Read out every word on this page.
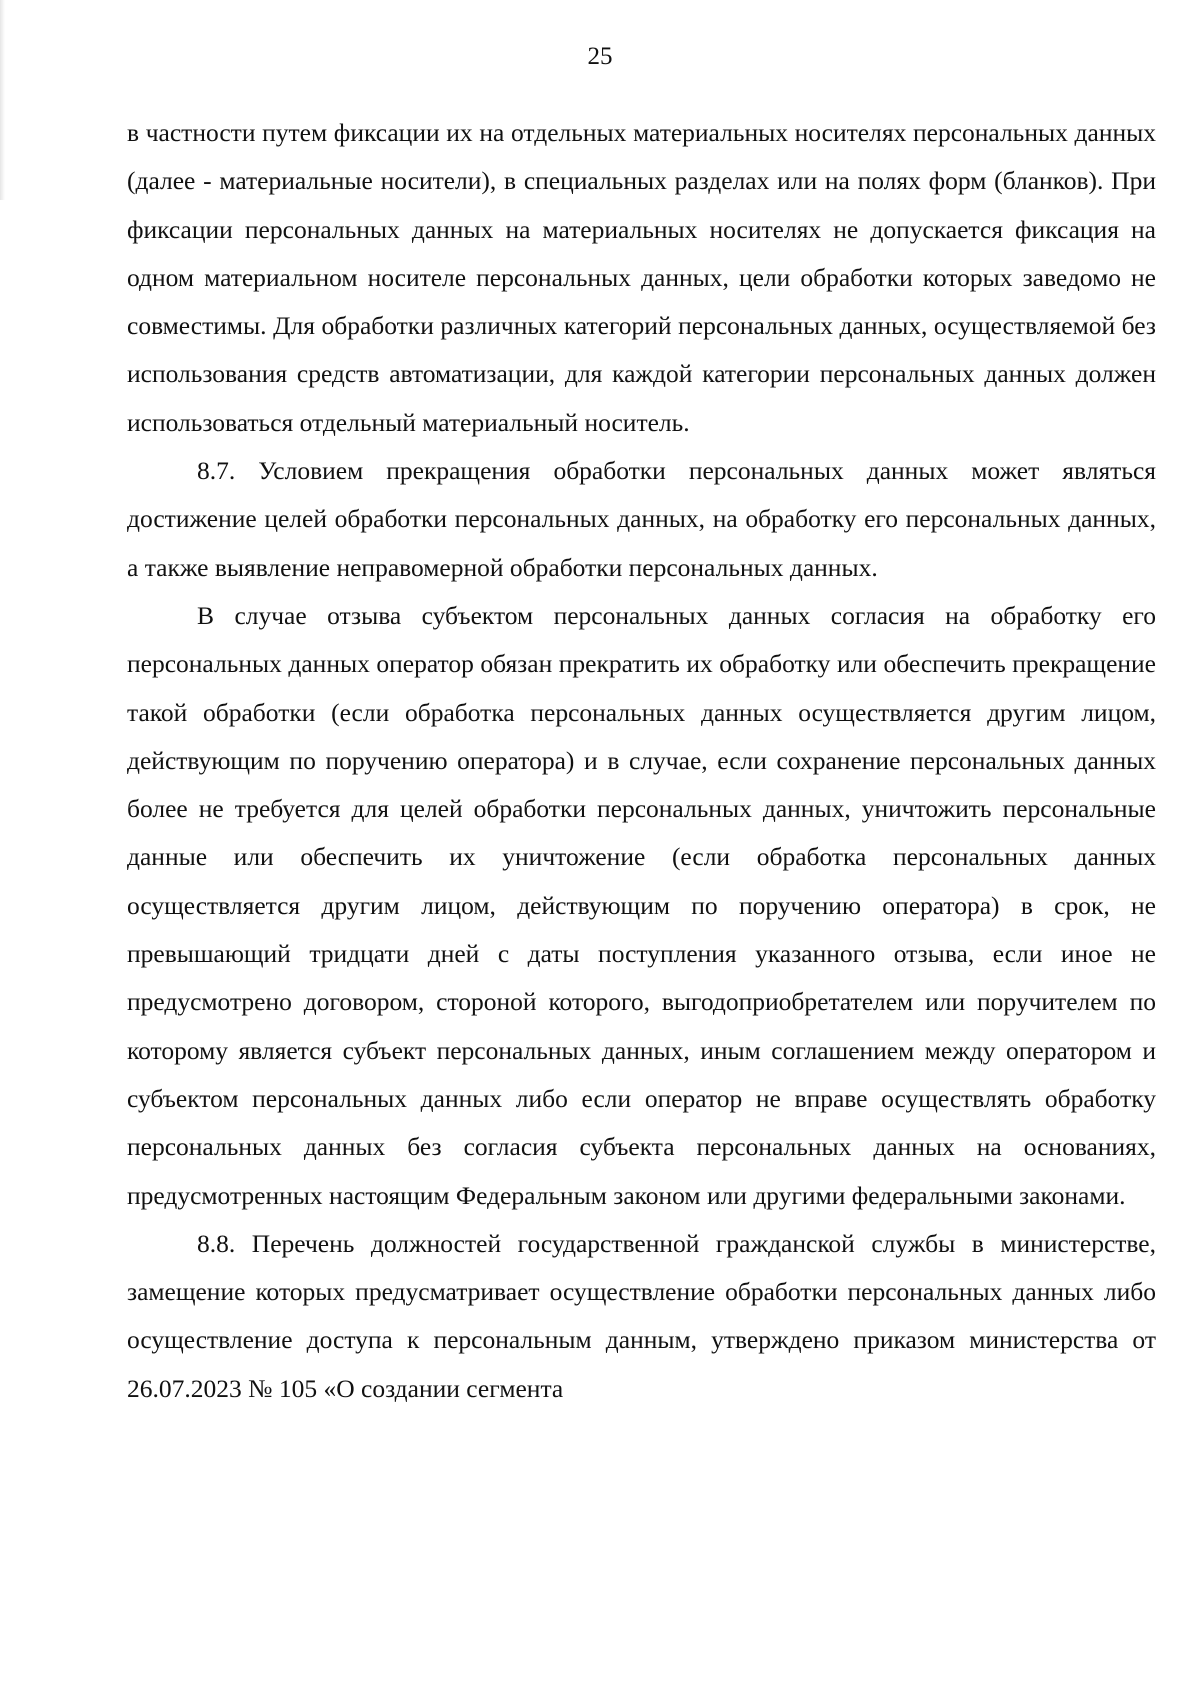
25

в частности путем фиксации их на отдельных материальных носителях персональных данных (далее - материальные носители), в специальных разделах или на полях форм (бланков). При фиксации персональных данных на материальных носителях не допускается фиксация на одном материальном носителе персональных данных, цели обработки которых заведомо не совместимы. Для обработки различных категорий персональных данных, осуществляемой без использования средств автоматизации, для каждой категории персональных данных должен использоваться отдельный материальный носитель.

8.7. Условием прекращения обработки персональных данных может являться достижение целей обработки персональных данных, на обработку его персональных данных, а также выявление неправомерной обработки персональных данных.

В случае отзыва субъектом персональных данных согласия на обработку его персональных данных оператор обязан прекратить их обработку или обеспечить прекращение такой обработки (если обработка персональных данных осуществляется другим лицом, действующим по поручению оператора) и в случае, если сохранение персональных данных более не требуется для целей обработки персональных данных, уничтожить персональные данные или обеспечить их уничтожение (если обработка персональных данных осуществляется другим лицом, действующим по поручению оператора) в срок, не превышающий тридцати дней с даты поступления указанного отзыва, если иное не предусмотрено договором, стороной которого, выгодоприобретателем или поручителем по которому является субъект персональных данных, иным соглашением между оператором и субъектом персональных данных либо если оператор не вправе осуществлять обработку персональных данных без согласия субъекта персональных данных на основаниях, предусмотренных настоящим Федеральным законом или другими федеральными законами.

8.8. Перечень должностей государственной гражданской службы в министерстве, замещение которых предусматривает осуществление обработки персональных данных либо осуществление доступа к персональным данным, утверждено приказом министерства от 26.07.2023 № 105 «О создании сегмента
